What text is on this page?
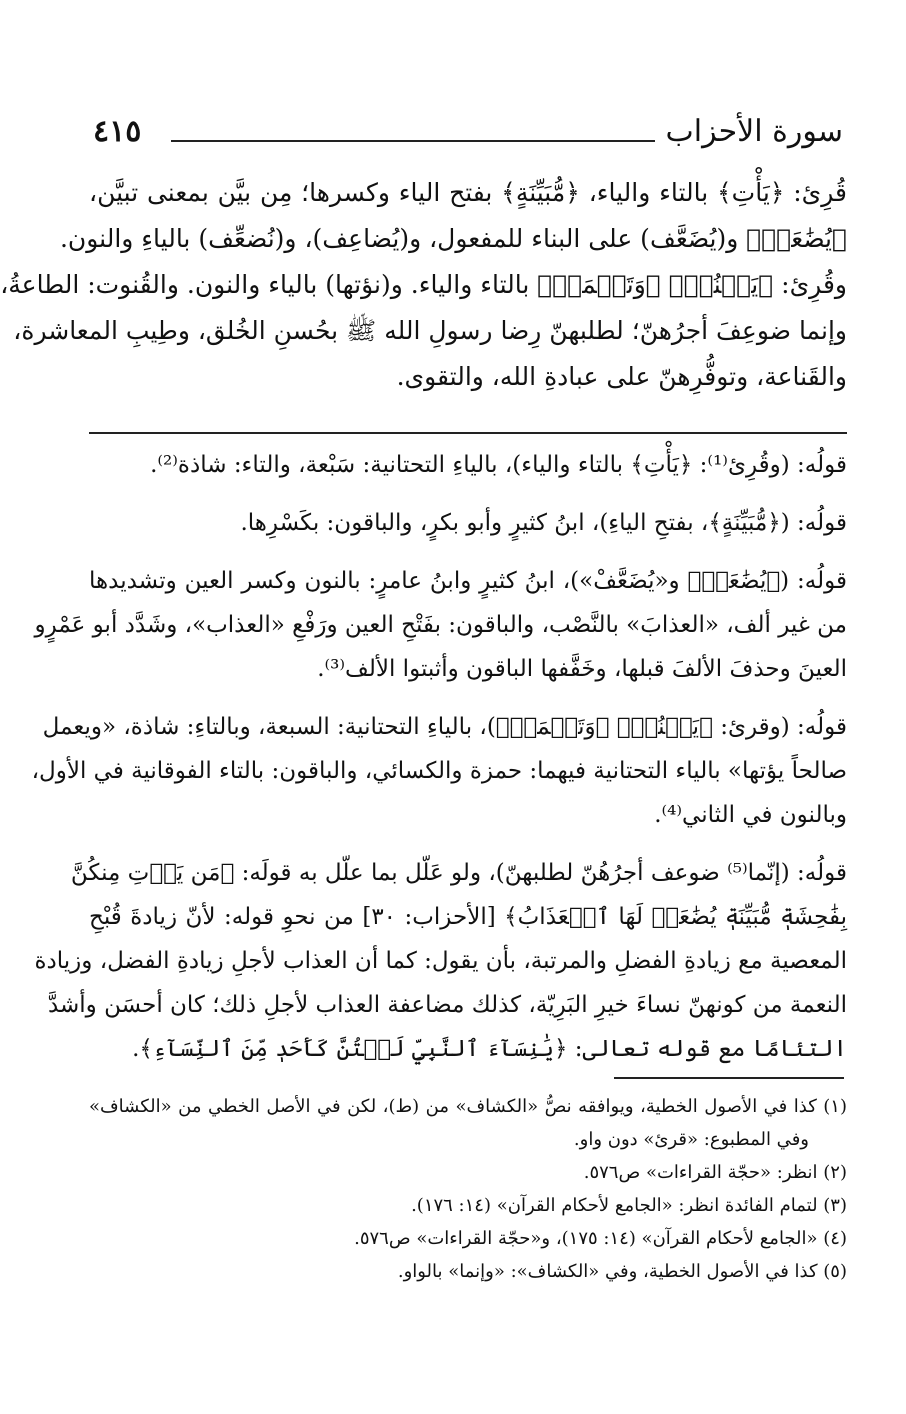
سورة الأحزاب
٤١٥
قُرِئ: ﴿يَأْتِ﴾ بالتاء والياء، ﴿مُّبَيِّنَةٍ﴾ بفتح الياء وكسرها؛ مِن بيَّن بمعنى تبيَّن،
﴿يُضَٰعَفۡ﴾ و(يُضَعَّف) على البناء للمفعول، و(يُضاعِف)، و(نُضعِّف) بالياءِ والنون.
وقُرِئ: ﴿يَقۡنُتۡ﴾ ﴿وَتَعۡمَلۡ﴾ بالتاء والياء. و(نؤتها) بالياء والنون. والقُنوت: الطاعةُ،
وإنما ضوعِفَ أجرُهنّ؛ لطلبهنّ رِضا رسولِ الله ﷺ بحُسنِ الخُلق، وطِيبِ المعاشرة،
والقَناعة، وتوفُّرِهنّ على عبادةِ الله، والتقوى.
قولُه: (وقُرِئ⁽¹⁾: ﴿يَأْتِ﴾ بالتاء والياء)، بالياءِ التحتانية: سَبْعة، والتاء: شاذة⁽²⁾.
قولُه: (﴿مُّبَيِّنَةٍ﴾، بفتحِ الياءِ)، ابنُ كثيرٍ وأبو بكرٍ، والباقون: بكَسْرِها.
قولُه: (﴿يُضَٰعَفۡ﴾ و«يُضَعَّفْ»)، ابنُ كثيرٍ وابنُ عامرٍ: بالنون وكسر العين وتشديدها
من غير ألف، «العذابَ» بالنَّصْب، والباقون: بفَتْحِ العين ورَفْعِ «العذاب»، وشَدَّد أبو عَمْرٍو
العينَ وحذفَ الألفَ قبلها، وخَفَّفها الباقون وأثبتوا الألف⁽³⁾.
قولُه: (وقرئ: ﴿يَقۡنُتۡ﴾ ﴿وَتَعۡمَلۡ﴾)، بالياءِ التحتانية: السبعة، وبالتاءِ: شاذة، «ويعمل
صالحاً يؤتها» بالياء التحتانية فيهما: حمزة والكسائي، والباقون: بالتاء الفوقانية في الأول،
وبالنون في الثاني⁽⁴⁾.
قولُه: (إنّما⁽⁵⁾ ضوعف أجرُهُنّ لطلبهنّ)، ولو عَلّل بما علّل به قولَه: ﴿مَن يَأۡتِ مِنكُنَّ
بِفَٰحِشَةٖ مُّبَيِّنَةٖ يُضَٰعَفۡ لَهَا ٱلۡعَذَابُ﴾ [الأحزاب: ٣٠] من نحوِ قوله: لأنّ زيادةَ قُبْحِ
المعصية مع زيادةِ الفضلِ والمرتبة، بأن يقول: كما أن العذاب لأجلِ زيادةِ الفضل، وزيادة
النعمة من كونهنّ نساءَ خيرِ البَرِيّة، كذلك مضاعفة العذاب لأجلِ ذلك؛ كان أحسَن وأشدَّ
التئامًا مع قوله تعالى: ﴿يَٰنِسَآءَ ٱلنَّبِيِّ لَسۡتُنَّ كَأَحَدٖ مِّنَ ٱلنِّسَآءِ﴾.
(١) كذا في الأصول الخطية، ويوافقه نصُّ «الكشاف» من (ط)، لكن في الأصل الخطي من «الكشاف»
وفي المطبوع: «قرئ» دون واو.
(٢) انظر: «حجّة القراءات» ص٥٧٦.
(٣) لتمام الفائدة انظر: «الجامع لأحكام القرآن» (١٤: ١٧٦).
(٤) «الجامع لأحكام القرآن» (١٤: ١٧٥)، و«حجّة القراءات» ص٥٧٦.
(٥) كذا في الأصول الخطية، وفي «الكشاف»: «وإنما» بالواو.
